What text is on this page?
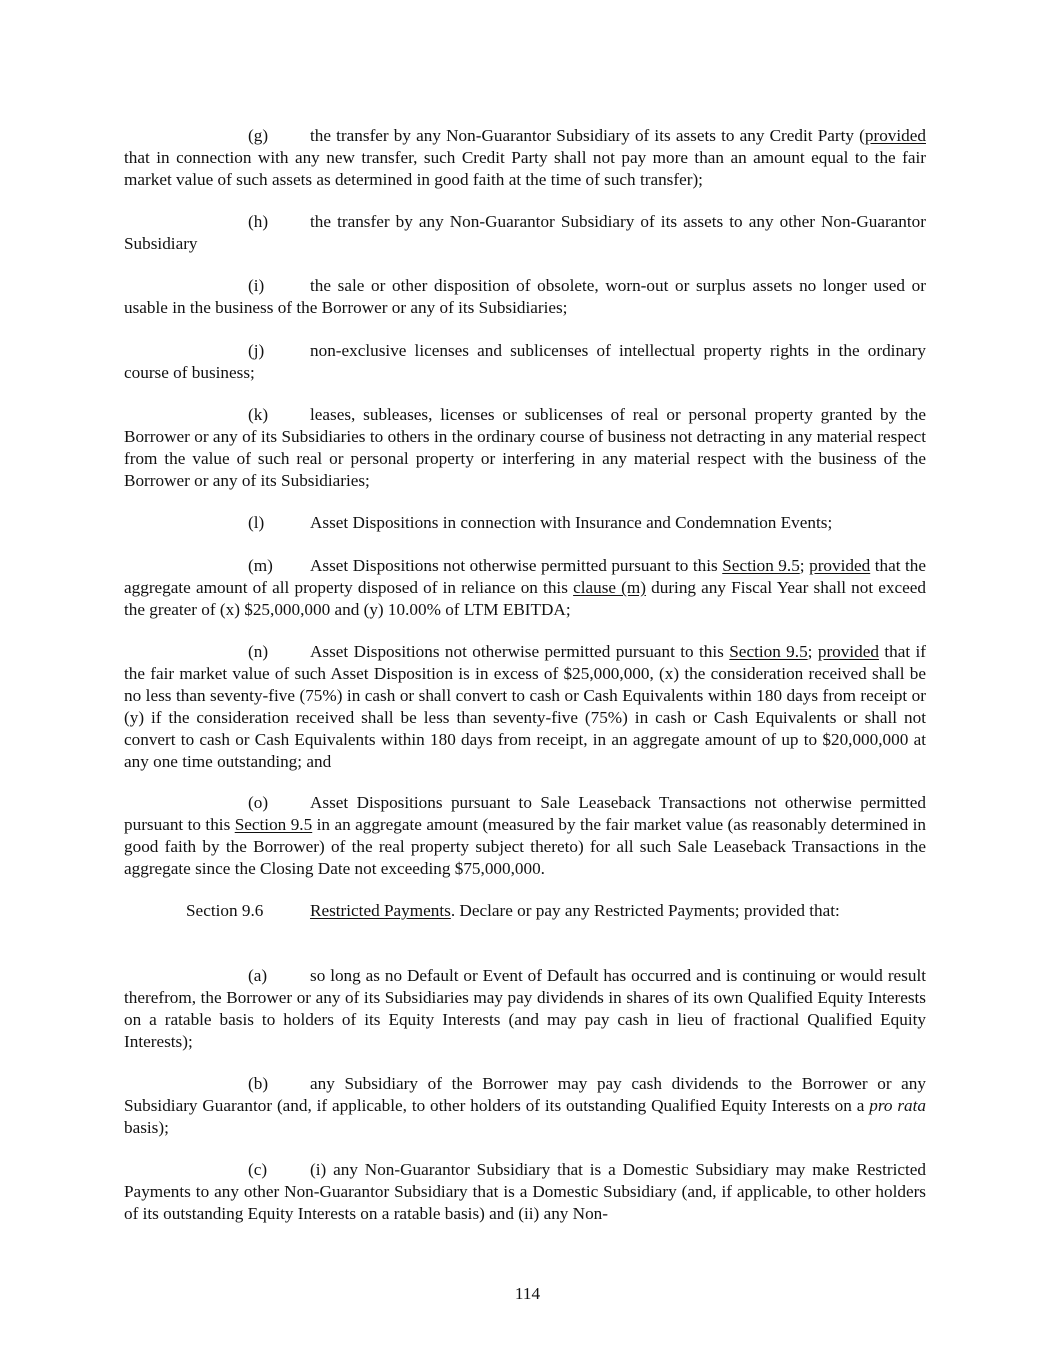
(g) the transfer by any Non-Guarantor Subsidiary of its assets to any Credit Party (provided that in connection with any new transfer, such Credit Party shall not pay more than an amount equal to the fair market value of such assets as determined in good faith at the time of such transfer);

(h) the transfer by any Non-Guarantor Subsidiary of its assets to any other Non-Guarantor Subsidiary

(i)	the sale or other disposition of obsolete, worn-out or surplus assets no longer used or usable in the business of the Borrower or any of its Subsidiaries;

(j)	non-exclusive licenses and sublicenses of intellectual property rights in the ordinary course of business;

(k) leases, subleases, licenses or sublicenses of real or personal property granted by the Borrower or any of its Subsidiaries to others in the ordinary course of business not detracting in any material respect from the value of such real or personal property or interfering in any material respect with the business of the Borrower or any of its Subsidiaries;

(l)	Asset Dispositions in connection with Insurance and Condemnation Events;

(m) Asset Dispositions not otherwise permitted pursuant to this Section 9.5; provided that the aggregate amount of all property disposed of in reliance on this clause (m) during any Fiscal Year shall not exceed the greater of (x) $25,000,000 and (y) 10.00% of LTM EBITDA;

(n) Asset Dispositions not otherwise permitted pursuant to this Section 9.5; provided that if the fair market value of such Asset Disposition is in excess of $25,000,000, (x) the consideration received shall be no less than seventy-five (75%) in cash or shall convert to cash or Cash Equivalents within 180 days from receipt or (y) if the consideration received shall be less than seventy-five (75%) in cash or Cash Equivalents or shall not convert to cash or Cash Equivalents within 180 days from receipt, in an aggregate amount of up to $20,000,000 at any one time outstanding; and

(o) Asset Dispositions pursuant to Sale Leaseback Transactions not otherwise permitted pursuant to this Section 9.5 in an aggregate amount (measured by the fair market value (as reasonably determined in good faith by the Borrower) of the real property subject thereto) for all such Sale Leaseback Transactions in the aggregate since the Closing Date not exceeding $75,000,000.

Section 9.6	Restricted Payments. Declare or pay any Restricted Payments; provided that:

(a) so long as no Default or Event of Default has occurred and is continuing or would result therefrom, the Borrower or any of its Subsidiaries may pay dividends in shares of its own Qualified Equity Interests on a ratable basis to holders of its Equity Interests (and may pay cash in lieu of fractional Qualified Equity Interests);

(b) any Subsidiary of the Borrower may pay cash dividends to the Borrower or any Subsidiary Guarantor (and, if applicable, to other holders of its outstanding Qualified Equity Interests on a pro rata basis);

(c) (i) any Non-Guarantor Subsidiary that is a Domestic Subsidiary may make Restricted Payments to any other Non-Guarantor Subsidiary that is a Domestic Subsidiary (and, if applicable, to other holders of its outstanding Equity Interests on a ratable basis) and (ii) any Non-

114
